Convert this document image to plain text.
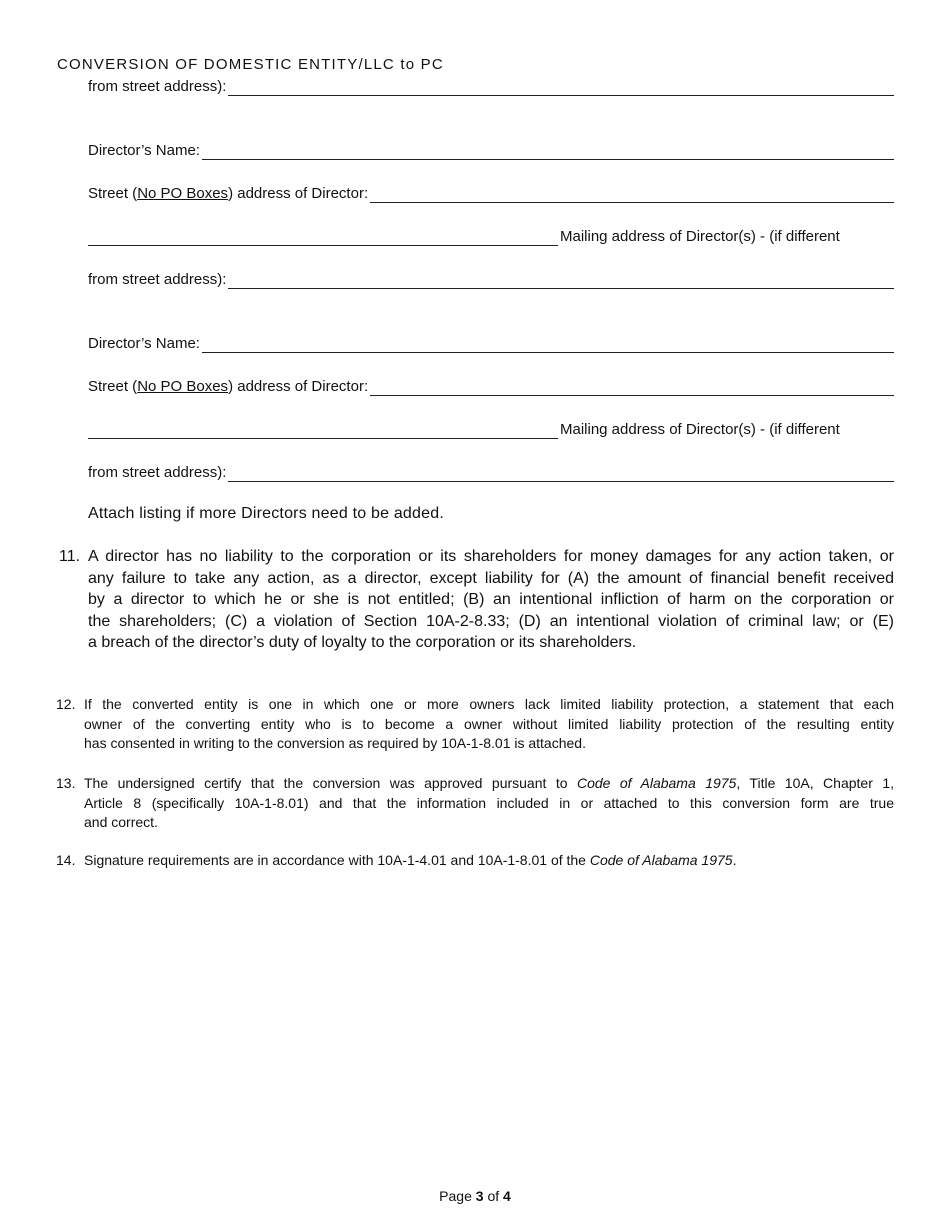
CONVERSION OF DOMESTIC ENTITY/LLC to PC
from street address):
Director’s Name:
Street (No PO Boxes) address of Director:
Mailing address of Director(s) - (if different
from street address):
Director’s Name:
Street (No PO Boxes) address of Director:
Mailing address of Director(s) - (if different
from street address):
Attach listing if more Directors need to be added.
11. A director has no liability to the corporation or its shareholders for money damages for any action taken, or
any failure to take any action, as a director, except liability for (A) the amount of financial benefit received
by a director to which he or she is not entitled; (B) an intentional infliction of harm on the corporation or
the shareholders; (C) a violation of Section 10A-2-8.33; (D) an intentional violation of criminal law; or (E)
a breach of the director’s duty of loyalty to the corporation or its shareholders.
12. If the converted entity is one in which one or more owners lack limited liability protection, a statement that each
owner of the converting entity who is to become a owner without limited liability protection of the resulting entity
has consented in writing to the conversion as required by 10A-1-8.01 is attached.
13. The undersigned certify that the conversion was approved pursuant to Code of Alabama 1975, Title 10A, Chapter 1,
Article 8 (specifically 10A-1-8.01) and that the information included in or attached to this conversion form are true
and correct.
14. Signature requirements are in accordance with 10A-1-4.01 and 10A-1-8.01 of the Code of Alabama 1975.
Page 3 of 4
